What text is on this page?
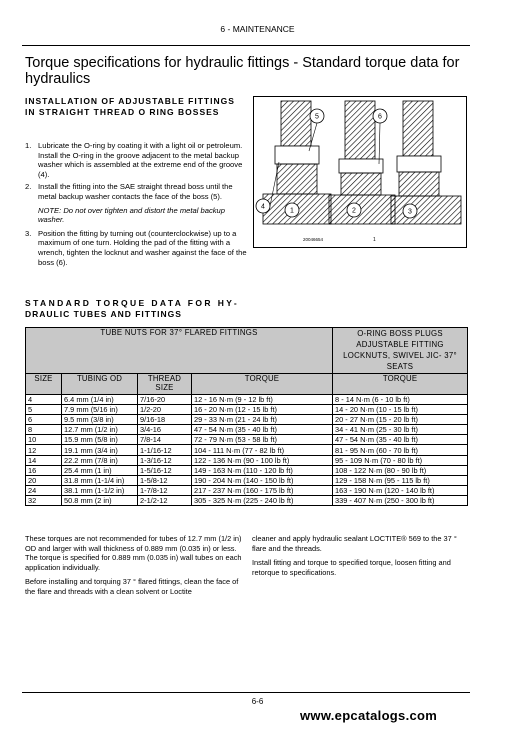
6 - MAINTENANCE
Torque specifications for hydraulic fittings - Standard torque data for hydraulics
INSTALLATION OF ADJUSTABLE FITTINGS
IN STRAIGHT THREAD O RING BOSSES
1. Lubricate the O-ring by coating it with a light oil or petroleum. Install the O-ring in the groove adjacent to the metal backup washer which is assembled at the extreme end of the groove (4).
2. Install the fitting into the SAE straight thread boss until the metal backup washer contacts the face of the boss (5).
NOTE: Do not over tighten and distort the metal backup washer.
3. Position the fitting by turning out (counterclockwise) up to a maximum of one turn. Holding the pad of the fitting with a wrench, tighten the locknut and washer against the face of the boss (6).
1	2	3
4
5	6
20046654	1
STANDARD TORQUE DATA FOR HY-
DRAULIC TUBES AND FITTINGS
TUBE NUTS FOR 37° FLARED FITTINGS				O-RING BOSS PLUGS ADJUSTABLE FITTING LOCKNUTS, SWIVEL JIC- 37° SEATS
SIZE	TUBING OD	THREAD SIZE	TORQUE	TORQUE
4	6.4 mm (1/4 in)	7/16-20	12 - 16 N·m (9 - 12 lb ft)	8 - 14 N·m (6 - 10 lb ft)
5	7.9 mm (5/16 in)	1/2-20	16 - 20 N·m (12 - 15 lb ft)	14 - 20 N·m (10 - 15 lb ft)
6	9.5 mm (3/8 in)	9/16-18	29 - 33 N·m (21 - 24 lb ft)	20 - 27 N·m (15 - 20 lb ft)
8	12.7 mm (1/2 in)	3/4-16	47 - 54 N·m (35 - 40 lb ft)	34 - 41 N·m (25 - 30 lb ft)
10	15.9 mm (5/8 in)	7/8-14	72 - 79 N·m (53 - 58 lb ft)	47 - 54 N·m (35 - 40 lb ft)
12	19.1 mm (3/4 in)	1-1/16-12	104 - 111 N·m (77 - 82 lb ft)	81 - 95 N·m (60 - 70 lb ft)
14	22.2 mm (7/8 in)	1-3/16-12	122 - 136 N·m (90 - 100 lb ft)	95 - 109 N·m (70 - 80 lb ft)
16	25.4 mm (1 in)	1-5/16-12	149 - 163 N·m (110 - 120 lb ft)	108 - 122 N·m (80 - 90 lb ft)
20	31.8 mm (1-1/4 in)	1-5/8-12	190 - 204 N·m (140 - 150 lb ft)	129 - 158 N·m (95 - 115 lb ft)
24	38.1 mm (1-1/2 in)	1-7/8-12	217 - 237 N·m (160 - 175 lb ft)	163 - 190 N·m (120 - 140 lb ft)
32	50.8 mm (2 in)	2-1/2-12	305 - 325 N·m (225 - 240 lb ft)	339 - 407 N·m (250 - 300 lb ft)
These torques are not recommended for tubes of 12.7 mm (1/2 in) OD and larger with wall thickness of 0.889 mm (0.035 in) or less. The torque is specified for 0.889 mm (0.035 in) wall tubes on each application individually.
Before installing and torquing 37 ° flared fittings, clean the face of the flare and threads with a clean solvent or Loctite
cleaner and apply hydraulic sealant LOCTITE® 569 to the 37 ° flare and the threads.
Install fitting and torque to specified torque, loosen fitting and retorque to specifications.
6-6
www.epcatalogs.com
